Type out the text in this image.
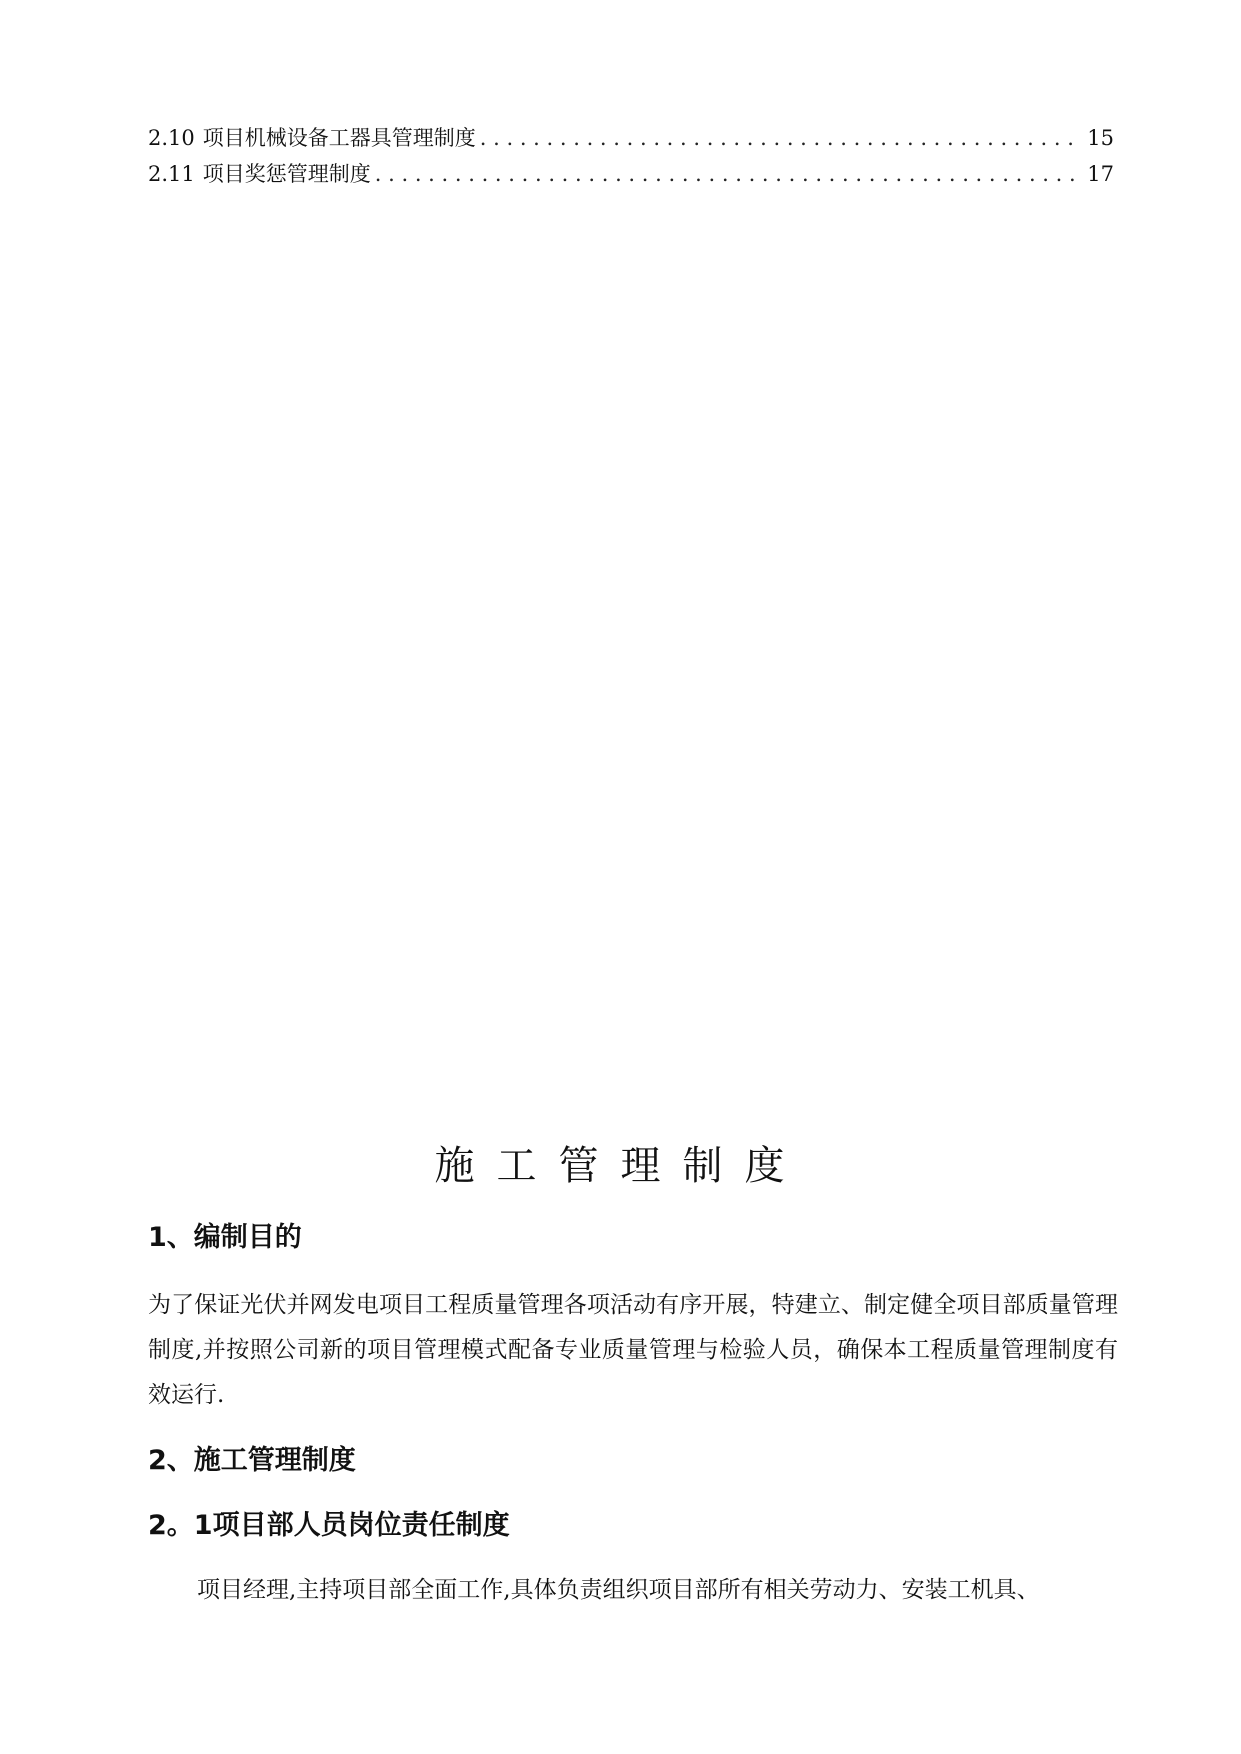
2.10 项目机械设备工器具管理制度 . . .	15
2.11 项目奖惩管理制度 . . .	17
施工管理制度
1、编制目的

为了保证光伏并网发电项目工程质量管理各项活动有序开展，特建立、制定健全项目部质量管理制度,并按照公司新的项目管理模式配备专业质量管理与检验人员，确保本工程质量管理制度有效运行.

2、施工管理制度
2。1项目部人员岗位责任制度

项目经理,主持项目部全面工作,具体负责组织项目部所有相关劳动力、安装工机具、
